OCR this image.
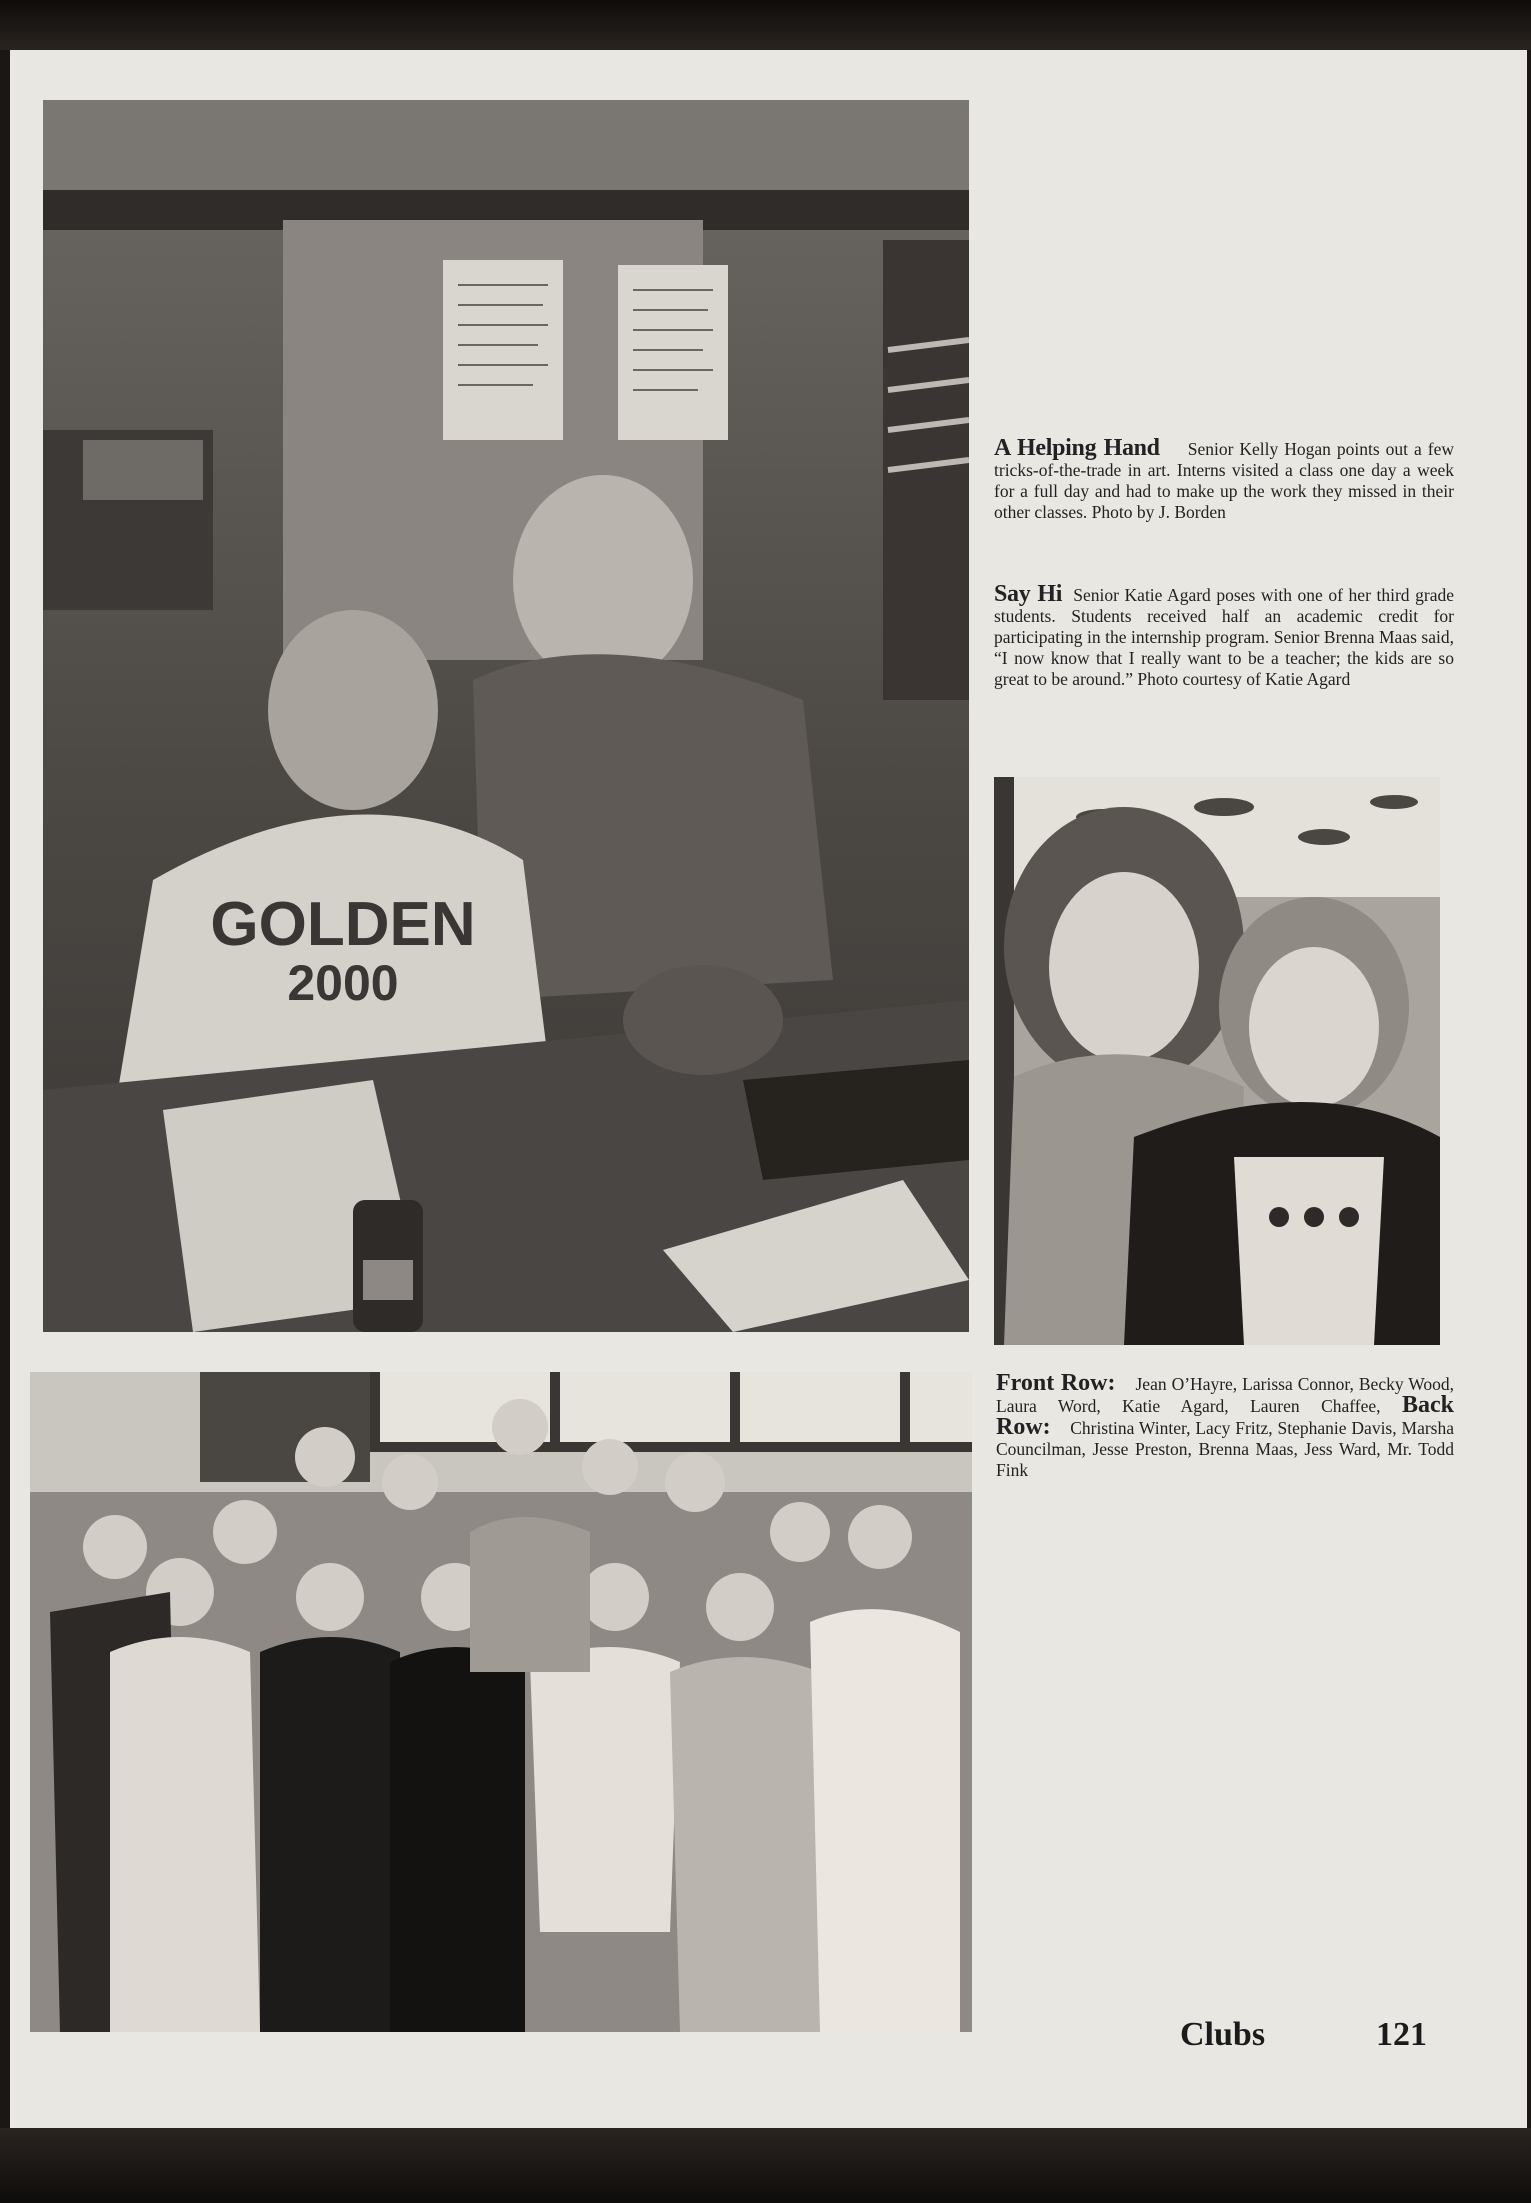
GOLDEN
2000
A Helping Hand Senior Kelly Hogan points out a few tricks-of-the-trade in art. Interns visited a class one day a week for a full day and had to make up the work they missed in their other classes. Photo by J. Borden
Say Hi Senior Katie Agard poses with one of her third grade students. Students received half an academic credit for participating in the internship program. Senior Brenna Maas said, “I now know that I really want to be a teacher; the kids are so great to be around.” Photo courtesy of Katie Agard
Front Row: Jean O’Hayre, Larissa Connor, Becky Wood, Laura Word, Katie Agard, Lauren Chaffee, Back Row: Christina Winter, Lacy Fritz, Stephanie Davis, Marsha Councilman, Jesse Preston, Brenna Maas, Jess Ward, Mr. Todd Fink
Clubs	121
